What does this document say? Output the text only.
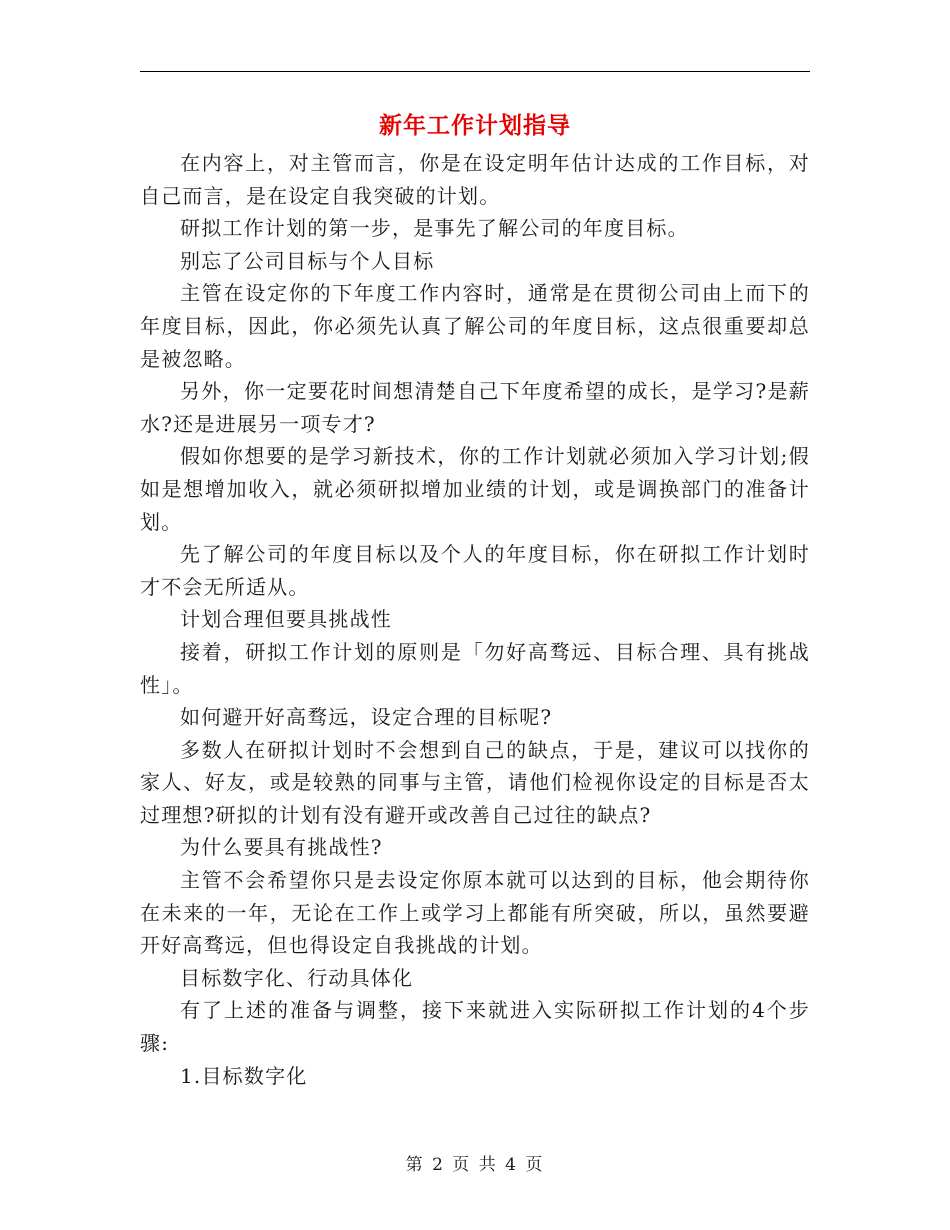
新年工作计划指导

在内容上，对主管而言，你是在设定明年估计达成的工作目标，对自己而言，是在设定自我突破的计划。

研拟工作计划的第一步，是事先了解公司的年度目标。

别忘了公司目标与个人目标

主管在设定你的下年度工作内容时，通常是在贯彻公司由上而下的年度目标，因此，你必须先认真了解公司的年度目标，这点很重要却总是被忽略。

另外，你一定要花时间想清楚自己下年度希望的成长，是学习?是薪水?还是进展另一项专才?

假如你想要的是学习新技术，你的工作计划就必须加入学习计划;假如是想增加收入，就必须研拟增加业绩的计划，或是调换部门的准备计划。

先了解公司的年度目标以及个人的年度目标，你在研拟工作计划时才不会无所适从。

计划合理但要具挑战性

接着，研拟工作计划的原则是「勿好高骛远、目标合理、具有挑战性」。

如何避开好高骛远，设定合理的目标呢?

多数人在研拟计划时不会想到自己的缺点，于是，建议可以找你的家人、好友，或是较熟的同事与主管，请他们检视你设定的目标是否太过理想?研拟的计划有没有避开或改善自己过往的缺点?

为什么要具有挑战性?

主管不会希望你只是去设定你原本就可以达到的目标，他会期待你在未来的一年，无论在工作上或学习上都能有所突破，所以，虽然要避开好高骛远，但也得设定自我挑战的计划。

目标数字化、行动具体化

有了上述的准备与调整，接下来就进入实际研拟工作计划的4个步骤:

1.目标数字化

第 2 页 共 4 页
